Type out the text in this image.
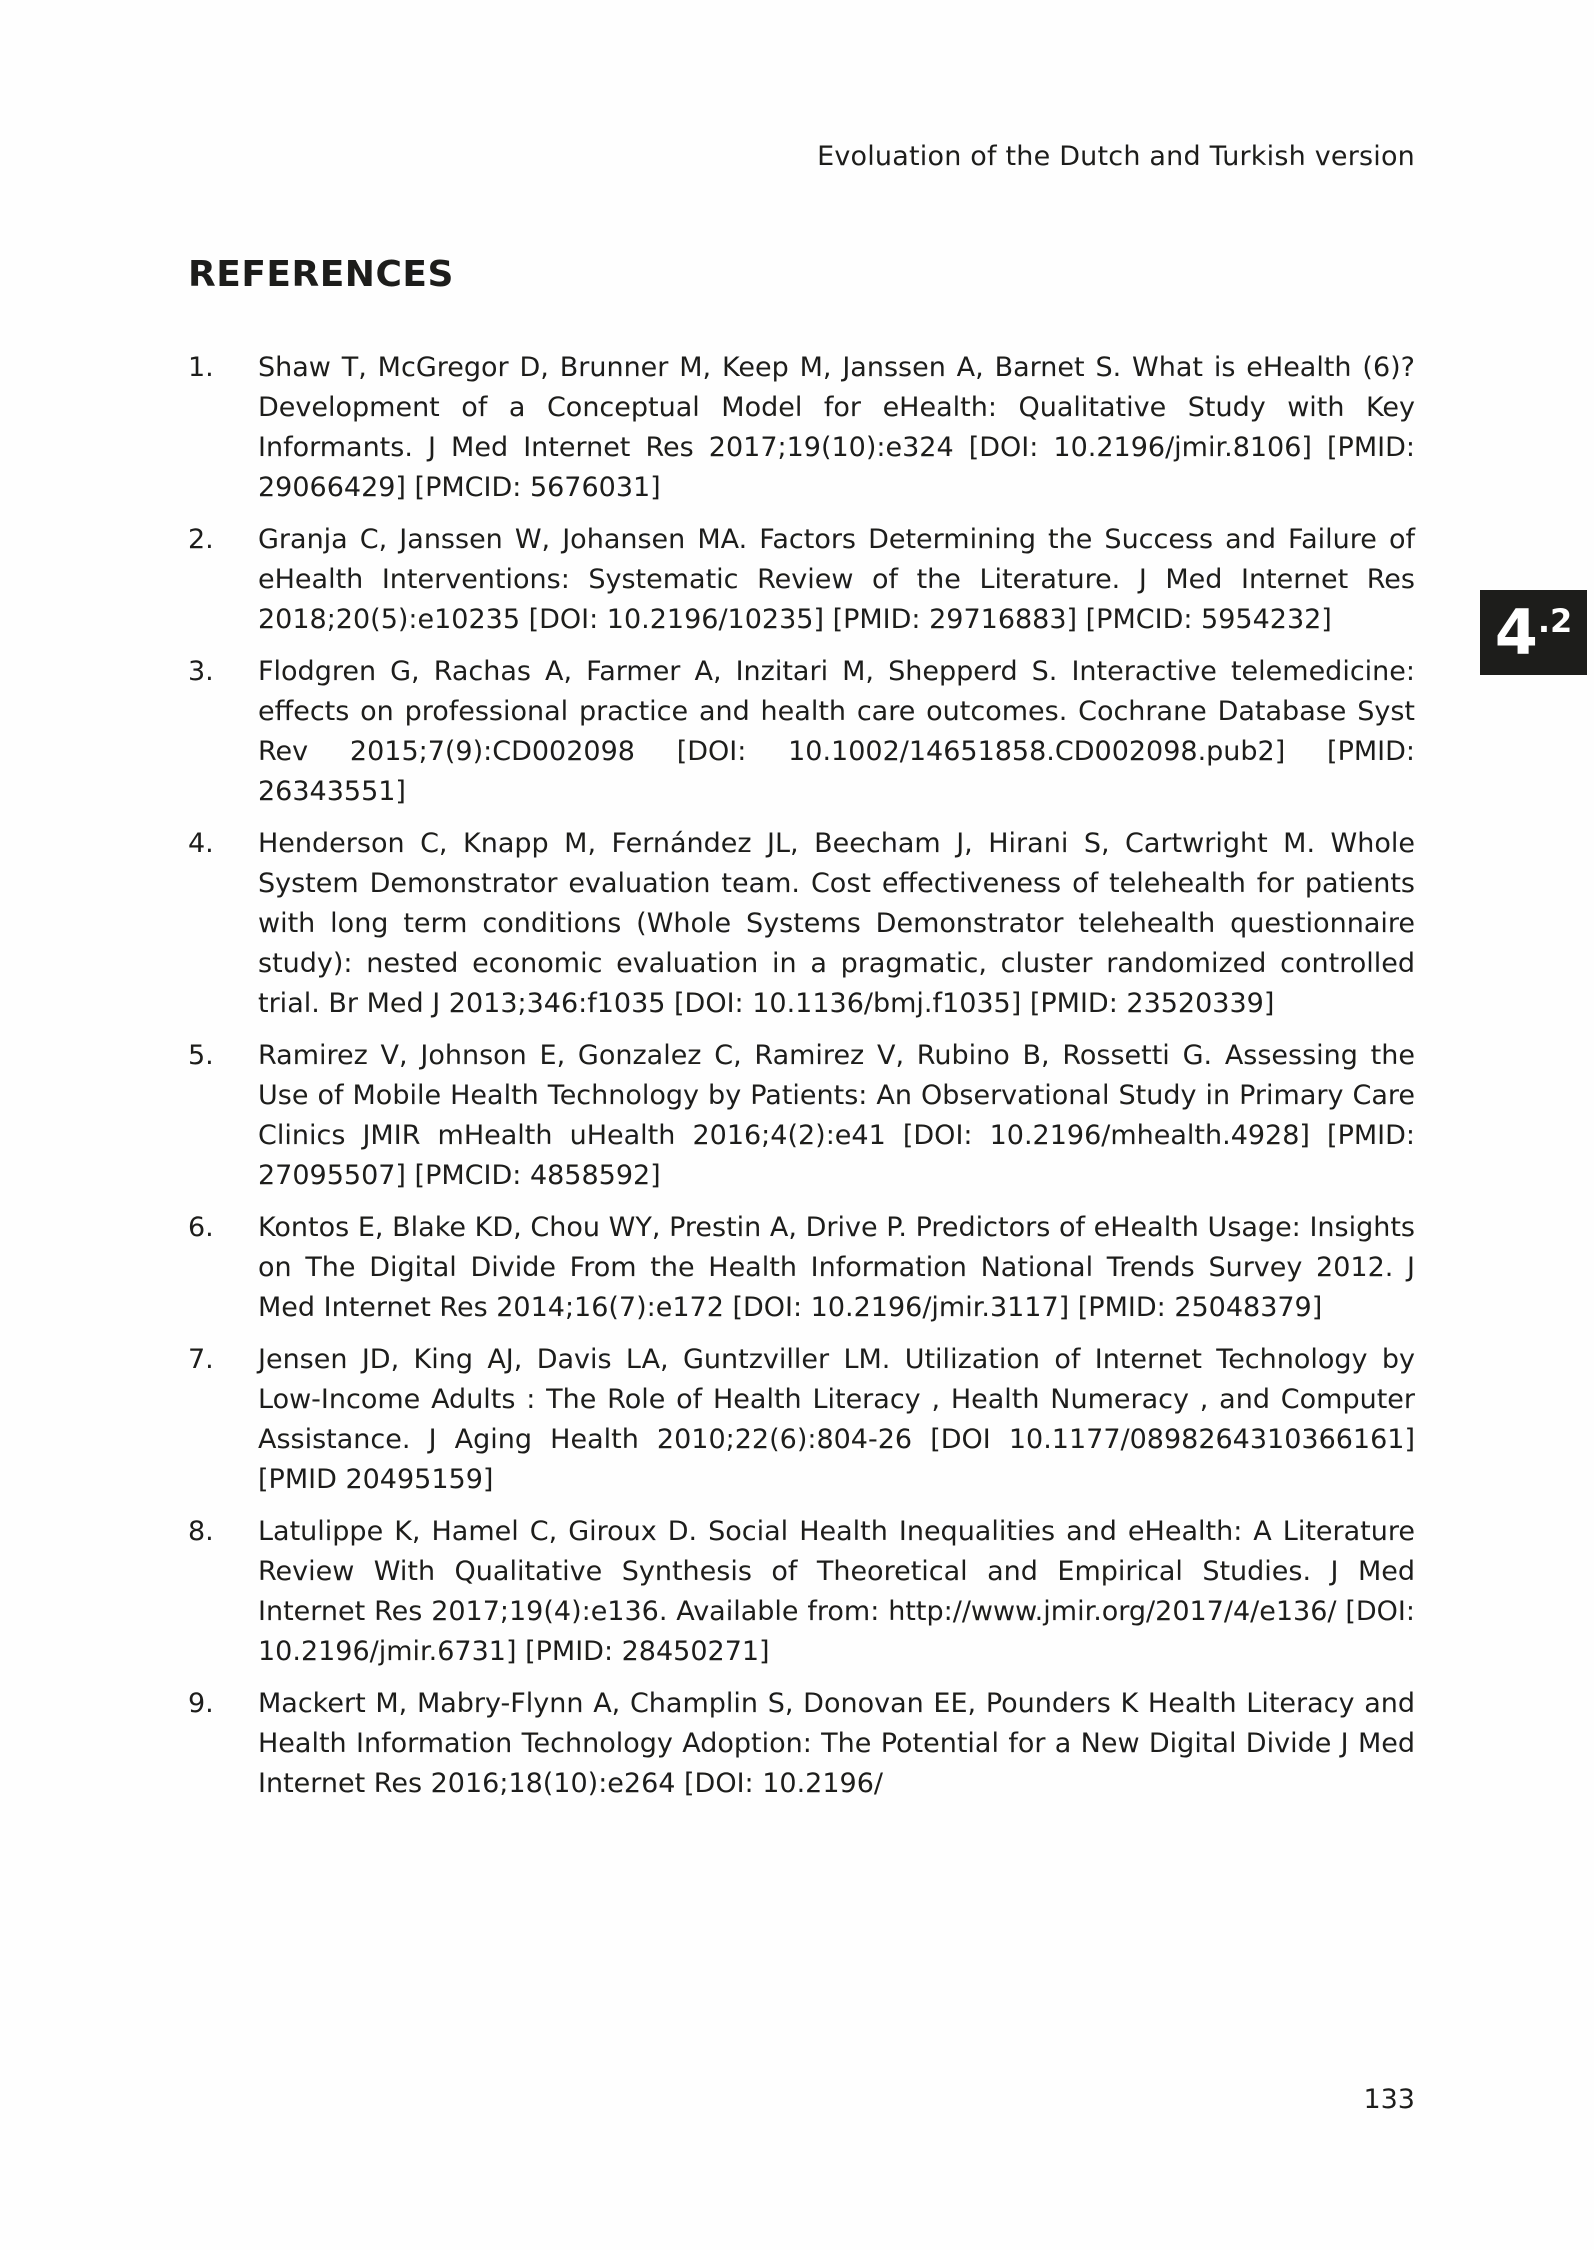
Evoluation of the Dutch and Turkish version
4 .2
REFERENCES
1.	Shaw T, McGregor D, Brunner M, Keep M, Janssen A, Barnet S. What is eHealth (6)? Development of a Conceptual Model for eHealth: Qualitative Study with Key Informants. J Med Internet Res 2017;19(10):e324 [DOI: 10.2196/jmir.8106] [PMID: 29066429] [PMCID: 5676031]
2.	Granja C, Janssen W, Johansen MA. Factors Determining the Success and Failure of eHealth Interventions: Systematic Review of the Literature. J Med Internet Res 2018;20(5):e10235 [DOI: 10.2196/10235] [PMID: 29716883] [PMCID: 5954232]
3.	Flodgren G, Rachas A, Farmer A, Inzitari M, Shepperd S. Interactive telemedicine: effects on professional practice and health care outcomes. Cochrane Database Syst Rev 2015;7(9):CD002098 [DOI: 10.1002/14651858.CD002098.pub2] [PMID: 26343551]
4.	Henderson C, Knapp M, Fernández JL, Beecham J, Hirani S, Cartwright M. Whole System Demonstrator evaluation team. Cost effectiveness of telehealth for patients with long term conditions (Whole Systems Demonstrator telehealth questionnaire study): nested economic evaluation in a pragmatic, cluster randomized controlled trial. Br Med J 2013;346:f1035 [DOI: 10.1136/bmj.f1035] [PMID: 23520339]
5.	Ramirez V, Johnson E, Gonzalez C, Ramirez V, Rubino B, Rossetti G. Assessing the Use of Mobile Health Technology by Patients: An Observational Study in Primary Care Clinics JMIR mHealth uHealth 2016;4(2):e41 [DOI: 10.2196/mhealth.4928] [PMID: 27095507] [PMCID: 4858592]
6.	Kontos E, Blake KD, Chou WY, Prestin A, Drive P. Predictors of eHealth Usage: Insights on The Digital Divide From the Health Information National Trends Survey 2012. J Med Internet Res 2014;16(7):e172 [DOI: 10.2196/jmir.3117] [PMID: 25048379]
7.	Jensen JD, King AJ, Davis LA, Guntzviller LM. Utilization of Internet Technology by Low-Income Adults : The Role of Health Literacy , Health Numeracy , and Computer Assistance. J Aging Health 2010;22(6):804-26 [DOI 10.1177/0898264310366161] [PMID 20495159]
8.	Latulippe K, Hamel C, Giroux D. Social Health Inequalities and eHealth: A Literature Review With Qualitative Synthesis of Theoretical and Empirical Studies. J Med Internet Res 2017;19(4):e136. Available from: http://www.jmir.org/2017/4/e136/ [DOI: 10.2196/jmir.6731] [PMID: 28450271]
9.	Mackert M, Mabry-Flynn A, Champlin S, Donovan EE, Pounders K Health Literacy and Health Information Technology Adoption: The Potential for a New Digital Divide J Med Internet Res 2016;18(10):e264 [DOI: 10.2196/
133
